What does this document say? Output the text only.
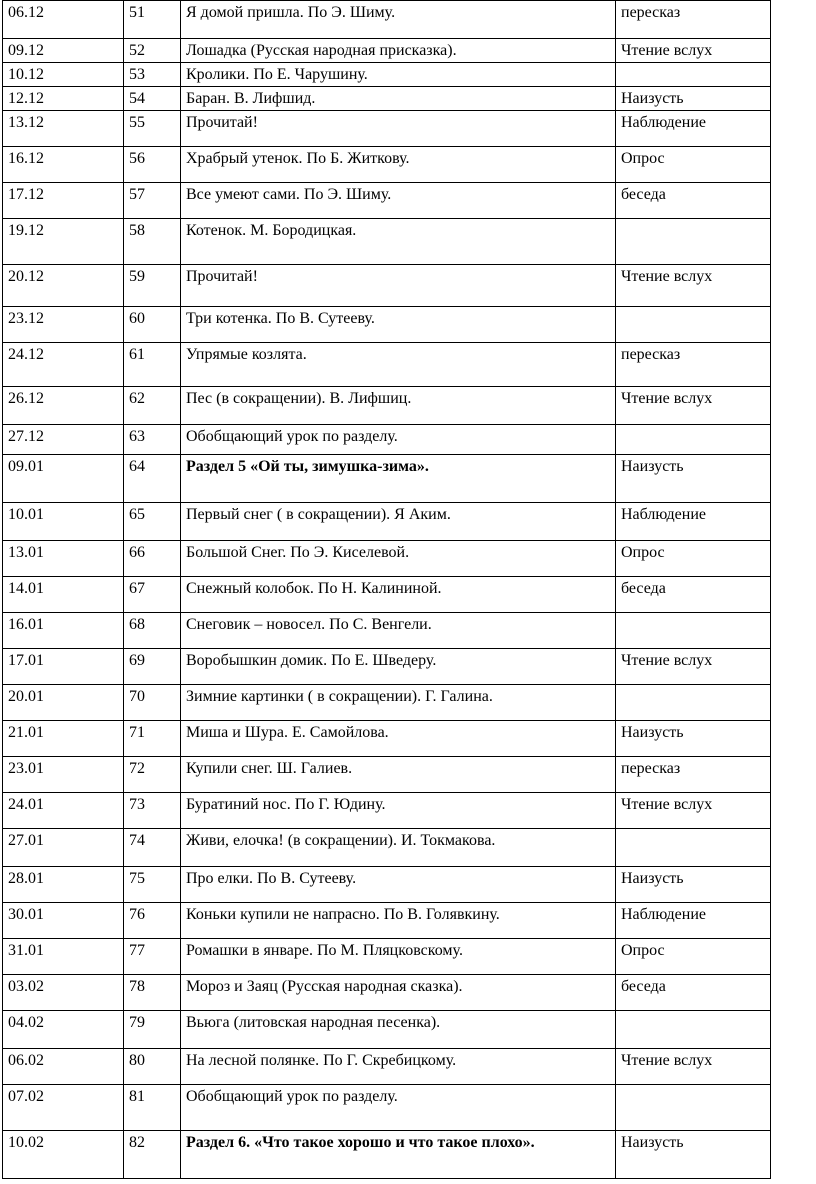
06.12	51	Я домой пришла. По Э. Шиму.	пересказ
09.12	52	Лошадка (Русская народная присказка).	Чтение вслух
10.12	53	Кролики. По Е. Чарушину.	
12.12	54	Баран. В. Лифшид.	Наизусть
13.12	55	Прочитай!	Наблюдение
16.12	56	Храбрый утенок. По Б. Житкову.	Опрос
17.12	57	Все умеют сами. По Э. Шиму.	беседа
19.12	58	Котенок. М. Бородицкая.	
20.12	59	Прочитай!	Чтение вслух
23.12	60	Три котенка. По В. Сутееву.	
24.12	61	Упрямые козлята.	пересказ
26.12	62	Пес (в сокращении). В. Лифшиц.	Чтение вслух
27.12	63	Обобщающий урок по разделу.	
09.01	64	Раздел 5 «Ой ты, зимушка-зима».	Наизусть
10.01	65	Первый снег ( в сокращении). Я Аким.	Наблюдение
13.01	66	Большой Снег. По Э. Киселевой.	Опрос
14.01	67	Снежный колобок. По Н. Калининой.	беседа
16.01	68	Снеговик – новосел. По С. Венгели.	
17.01	69	Воробышкин домик. По Е. Шведеру.	Чтение вслух
20.01	70	Зимние картинки ( в сокращении). Г. Галина.	
21.01	71	Миша и Шура. Е. Самойлова.	Наизусть
23.01	72	Купили снег. Ш. Галиев.	пересказ
24.01	73	Буратиний нос. По Г. Юдину.	Чтение вслух
27.01	74	Живи, елочка! (в сокращении). И. Токмакова.	
28.01	75	Про елки. По В. Сутееву.	Наизусть
30.01	76	Коньки купили не напрасно. По В. Голявкину.	Наблюдение
31.01	77	Ромашки в январе. По М. Пляцковскому.	Опрос
03.02	78	Мороз и Заяц (Русская народная сказка).	беседа
04.02	79	Вьюга (литовская народная песенка).	
06.02	80	На лесной полянке. По Г. Скребицкому.	Чтение вслух
07.02	81	Обобщающий урок по разделу.	
10.02	82	Раздел 6. «Что такое хорошо и что такое плохо».	Наизусть
